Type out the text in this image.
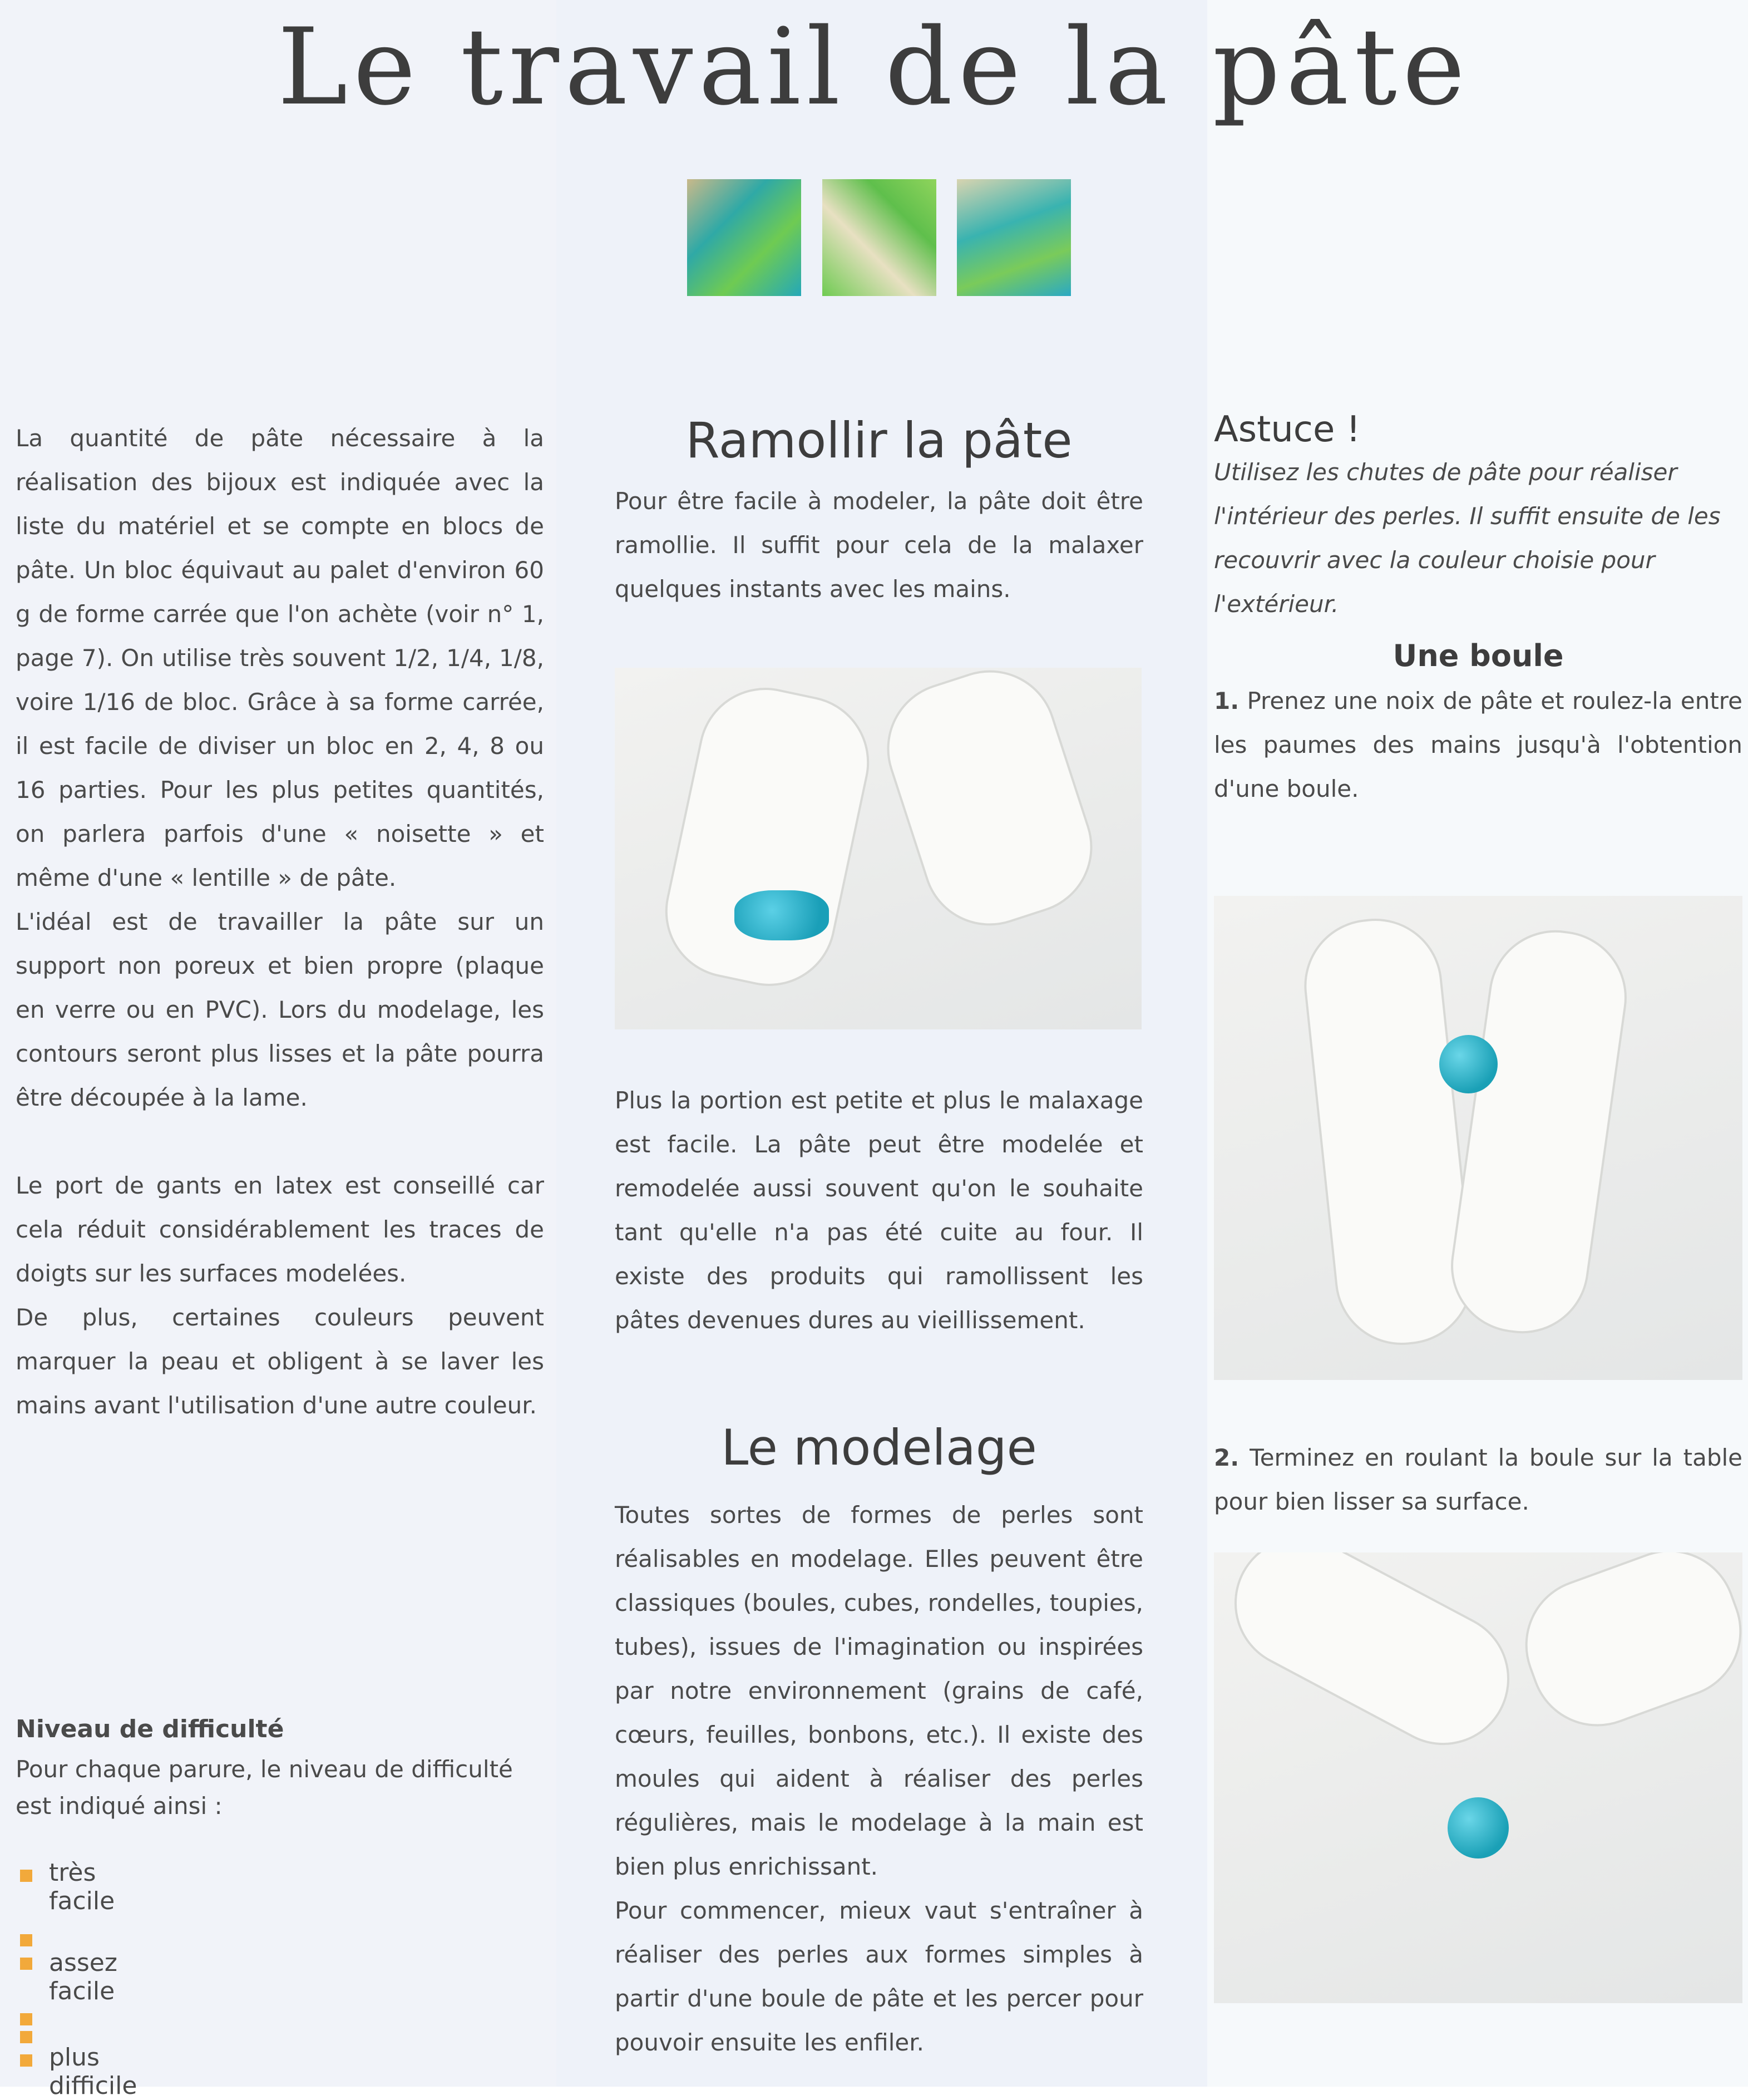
Le travail de la pâte

La quantité de pâte nécessaire à la réalisation des bijoux est indiquée avec la liste du matériel et se compte en blocs de pâte. Un bloc équivaut au palet d'environ 60 g de forme carrée que l'on achète (voir n° 1, page 7). On utilise très souvent 1/2, 1/4, 1/8, voire 1/16 de bloc. Grâce à sa forme carrée, il est facile de diviser un bloc en 2, 4, 8 ou 16 parties. Pour les plus petites quantités, on parlera parfois d'une « noisette » et même d'une « lentille » de pâte.

L'idéal est de travailler la pâte sur un support non poreux et bien propre (plaque en verre ou en PVC). Lors du modelage, les contours seront plus lisses et la pâte pourra être découpée à la lame.

Le port de gants en latex est conseillé car cela réduit considérablement les traces de doigts sur les surfaces modelées.

De plus, certaines couleurs peuvent marquer la peau et obligent à se laver les mains avant l'utilisation d'une autre couleur.

Niveau de difficulté

Pour chaque parure, le niveau de difficulté est indiqué ainsi :

très facile
assez facile
plus difficile
Ramollir la pâte

Pour être facile à modeler, la pâte doit être ramollie. Il suffit pour cela de la malaxer quelques instants avec les mains.

Plus la portion est petite et plus le malaxage est facile. La pâte peut être modelée et remodelée aussi souvent qu'on le souhaite tant qu'elle n'a pas été cuite au four. Il existe des produits qui ramollissent les pâtes devenues dures au vieillissement.

Le modelage

Toutes sortes de formes de perles sont réalisables en modelage. Elles peuvent être classiques (boules, cubes, rondelles, toupies, tubes), issues de l'imagination ou inspirées par notre environnement (grains de café, cœurs, feuilles, bonbons, etc.). Il existe des moules qui aident à réaliser des perles régulières, mais le modelage à la main est bien plus enrichissant.

Pour commencer, mieux vaut s'entraîner à réaliser des perles aux formes simples à partir d'une boule de pâte et les percer pour pouvoir ensuite les enfiler.

Astuce !

Utilisez les chutes de pâte pour réaliser l'intérieur des perles. Il suffit ensuite de les recouvrir avec la couleur choisie pour l'extérieur.

Une boule

1. Prenez une noix de pâte et roulez-la entre les paumes des mains jusqu'à l'obtention d'une boule.

2. Terminez en roulant la boule sur la table pour bien lisser sa surface.
